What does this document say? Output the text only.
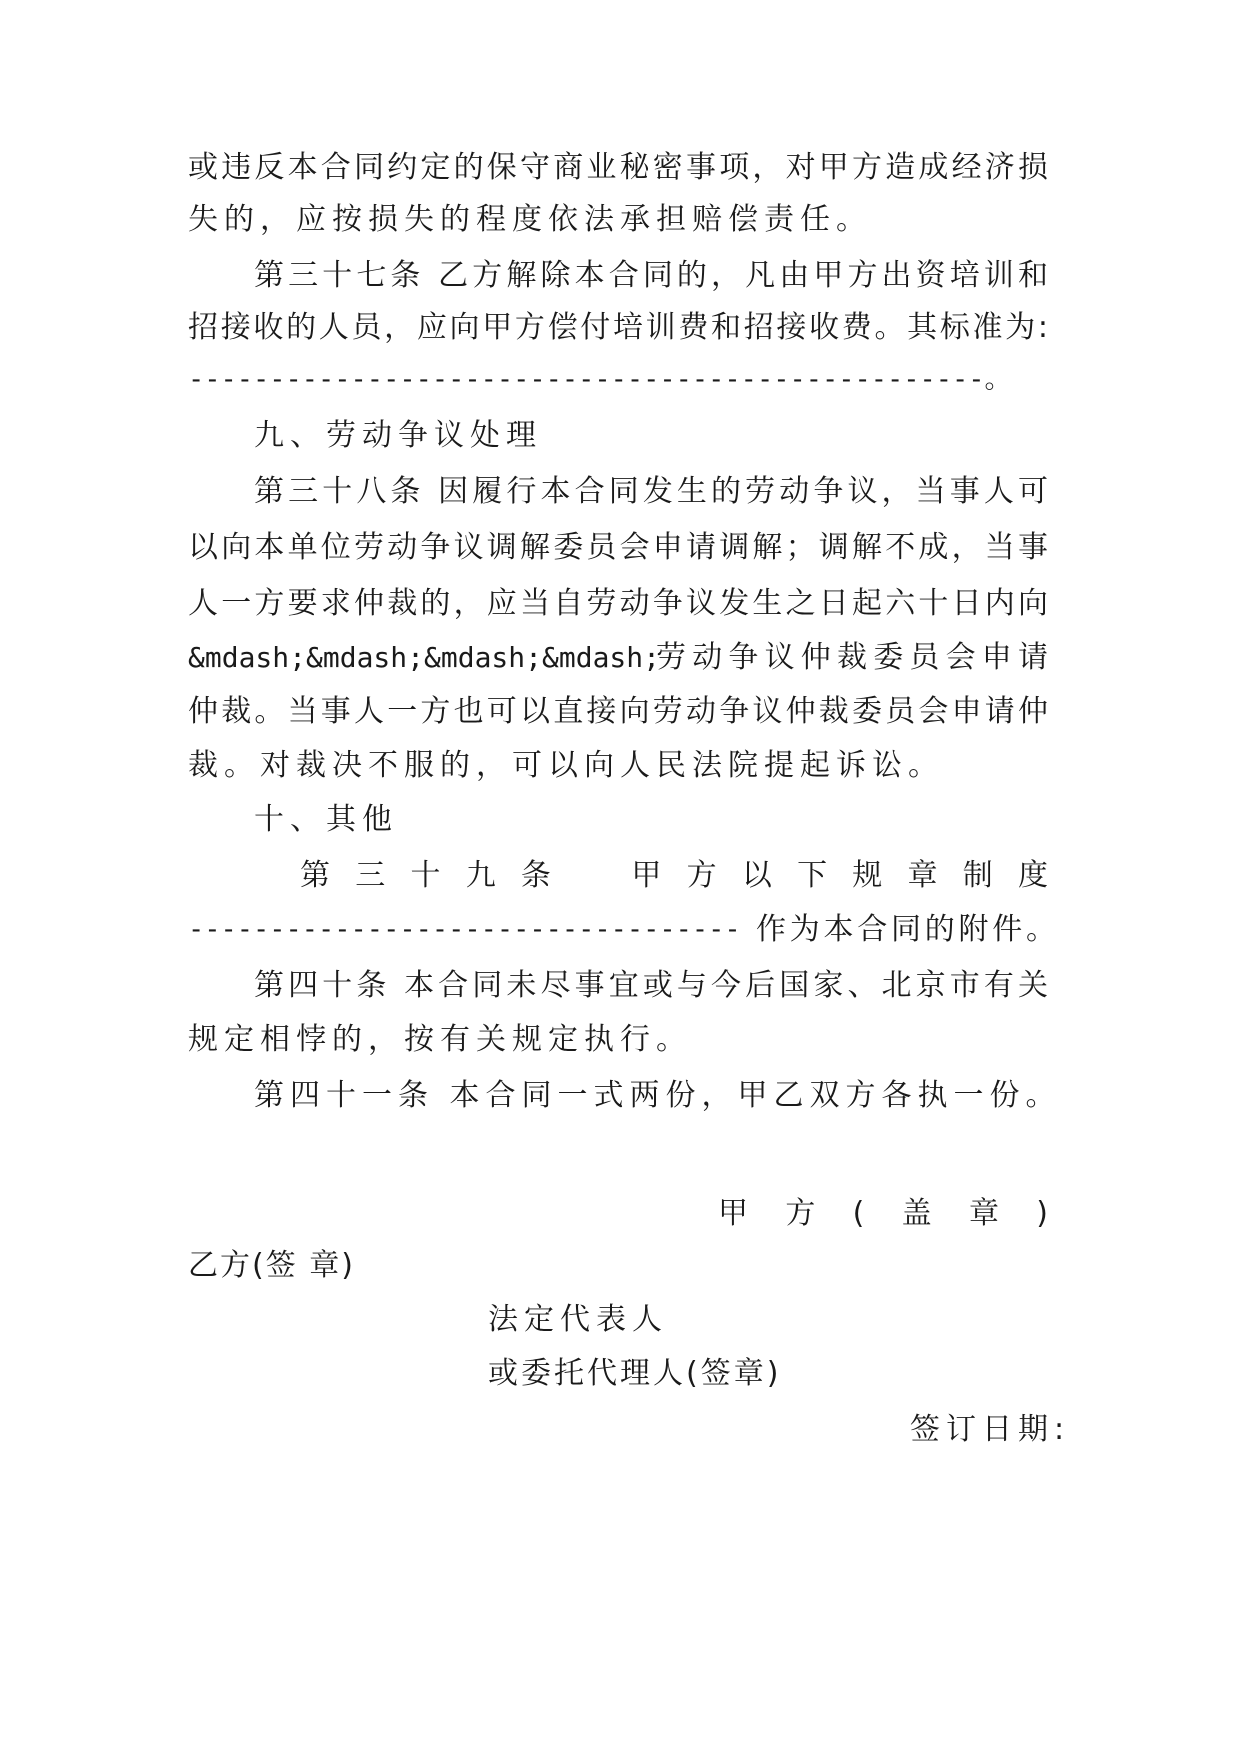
或违反本合同约定的保守商业秘密事项，对甲方造成经济损
失的，应按损失的程度依法承担赔偿责任。
第三十七条 乙方解除本合同的，凡由甲方出资培训和
招接收的人员，应向甲方偿付培训费和招接收费。其标准为:
-------------------------------------------------。
九、劳动争议处理
第三十八条 因履行本合同发生的劳动争议，当事人可
以向本单位劳动争议调解委员会申请调解；调解不成，当事
人一方要求仲裁的，应当自劳动争议发生之日起六十日内向
&mdash;&mdash;&mdash;&mdash;
劳动争议仲裁委员会申请
仲裁。当事人一方也可以直接向劳动争议仲裁委员会申请仲
裁。对裁决不服的，可以向人民法院提起诉讼。
十、其他
第三十九条　甲方以下规章制度
---------------------------------- 作为本合同的附件。
第四十条 本合同未尽事宜或与今后国家、北京市有关
规定相悖的，按有关规定执行。
第四十一条 本合同一式两份，甲乙双方各执一份。
甲方(盖章)
乙方(签 章)
法定代表人
或委托代理人(签章)
签订日期:
